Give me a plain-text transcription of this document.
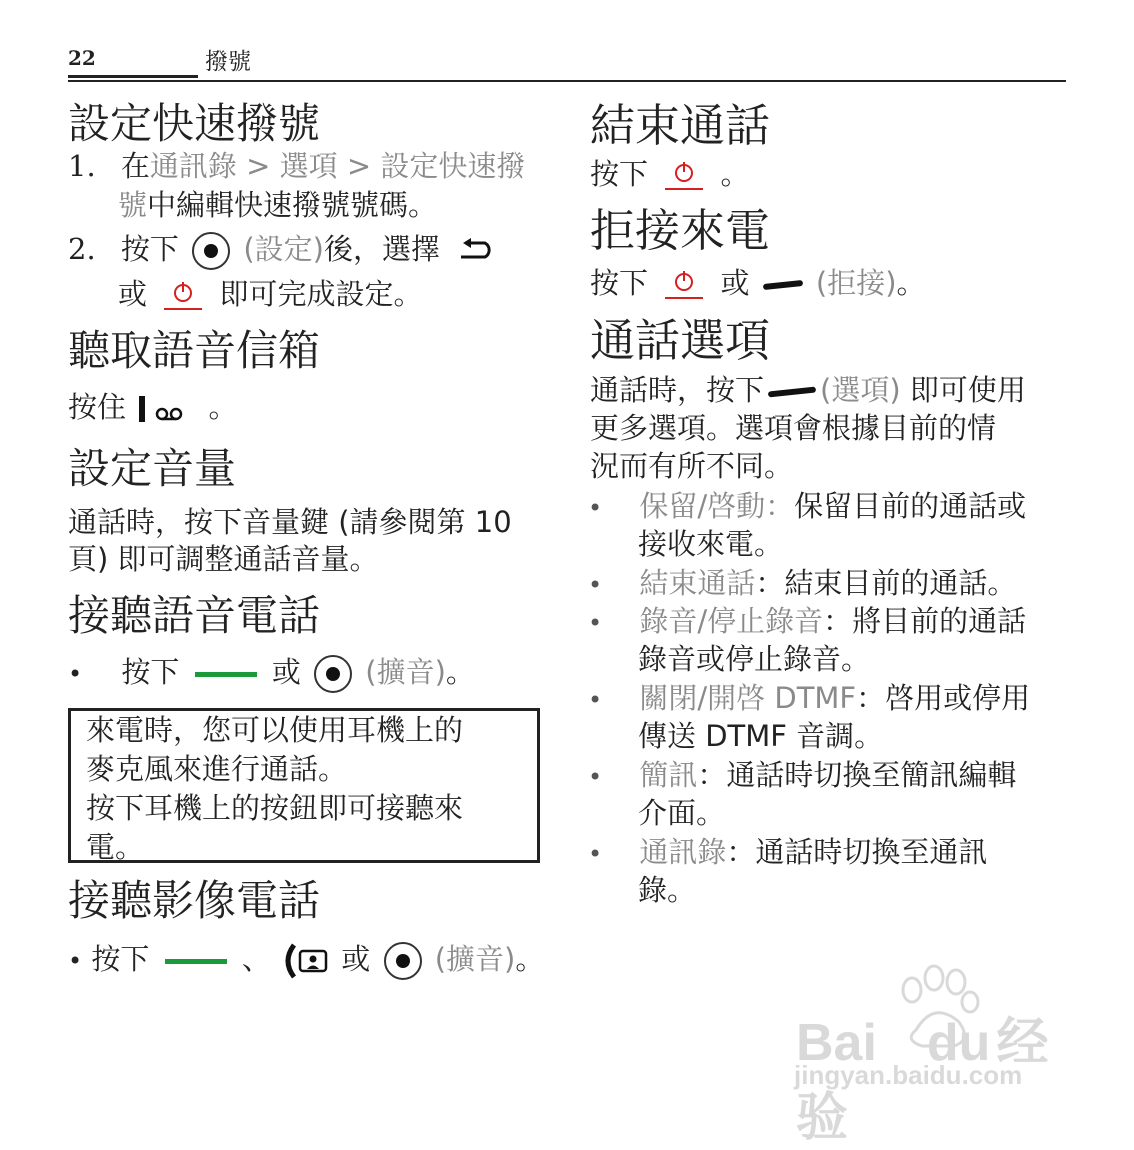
22	撥號
設定快速撥號
1. 在通訊錄 > 選項 > 設定快速撥
號中編輯快速撥號號碼。
2. 按下 (設定)後，選擇
或 即可完成設定。
聽取語音信箱
按住	。
設定音量
通話時，按下音量鍵 (請參閱第 10
頁) 即可調整通話音量。
接聽語音電話
• 按下	或 (擴音)。
來電時，您可以使用耳機上的
麥克風來進行通話。
按下耳機上的按鈕即可接聽來
電。
接聽影像電話
• 按下	、 或 (擴音)。
結束通話
按下 。
拒接來電
按下 或 (拒接)。
通話選項
通話時，按下 (選項) 即可使用
更多選項。選項會根據目前的情
況而有所不同。
• 保留/啓動：保留目前的通話或
接收來電。
• 結束通話：結束目前的通話。
• 錄音/停止錄音：將目前的通話
錄音或停止錄音。
• 關閉/開啓 DTMF：啓用或停用
傳送 DTMF 音調。
• 簡訊：通話時切換至簡訊編輯
介面。
• 通訊錄：通話時切換至通訊
錄。
Bai du 经验
jingyan.baidu.com
